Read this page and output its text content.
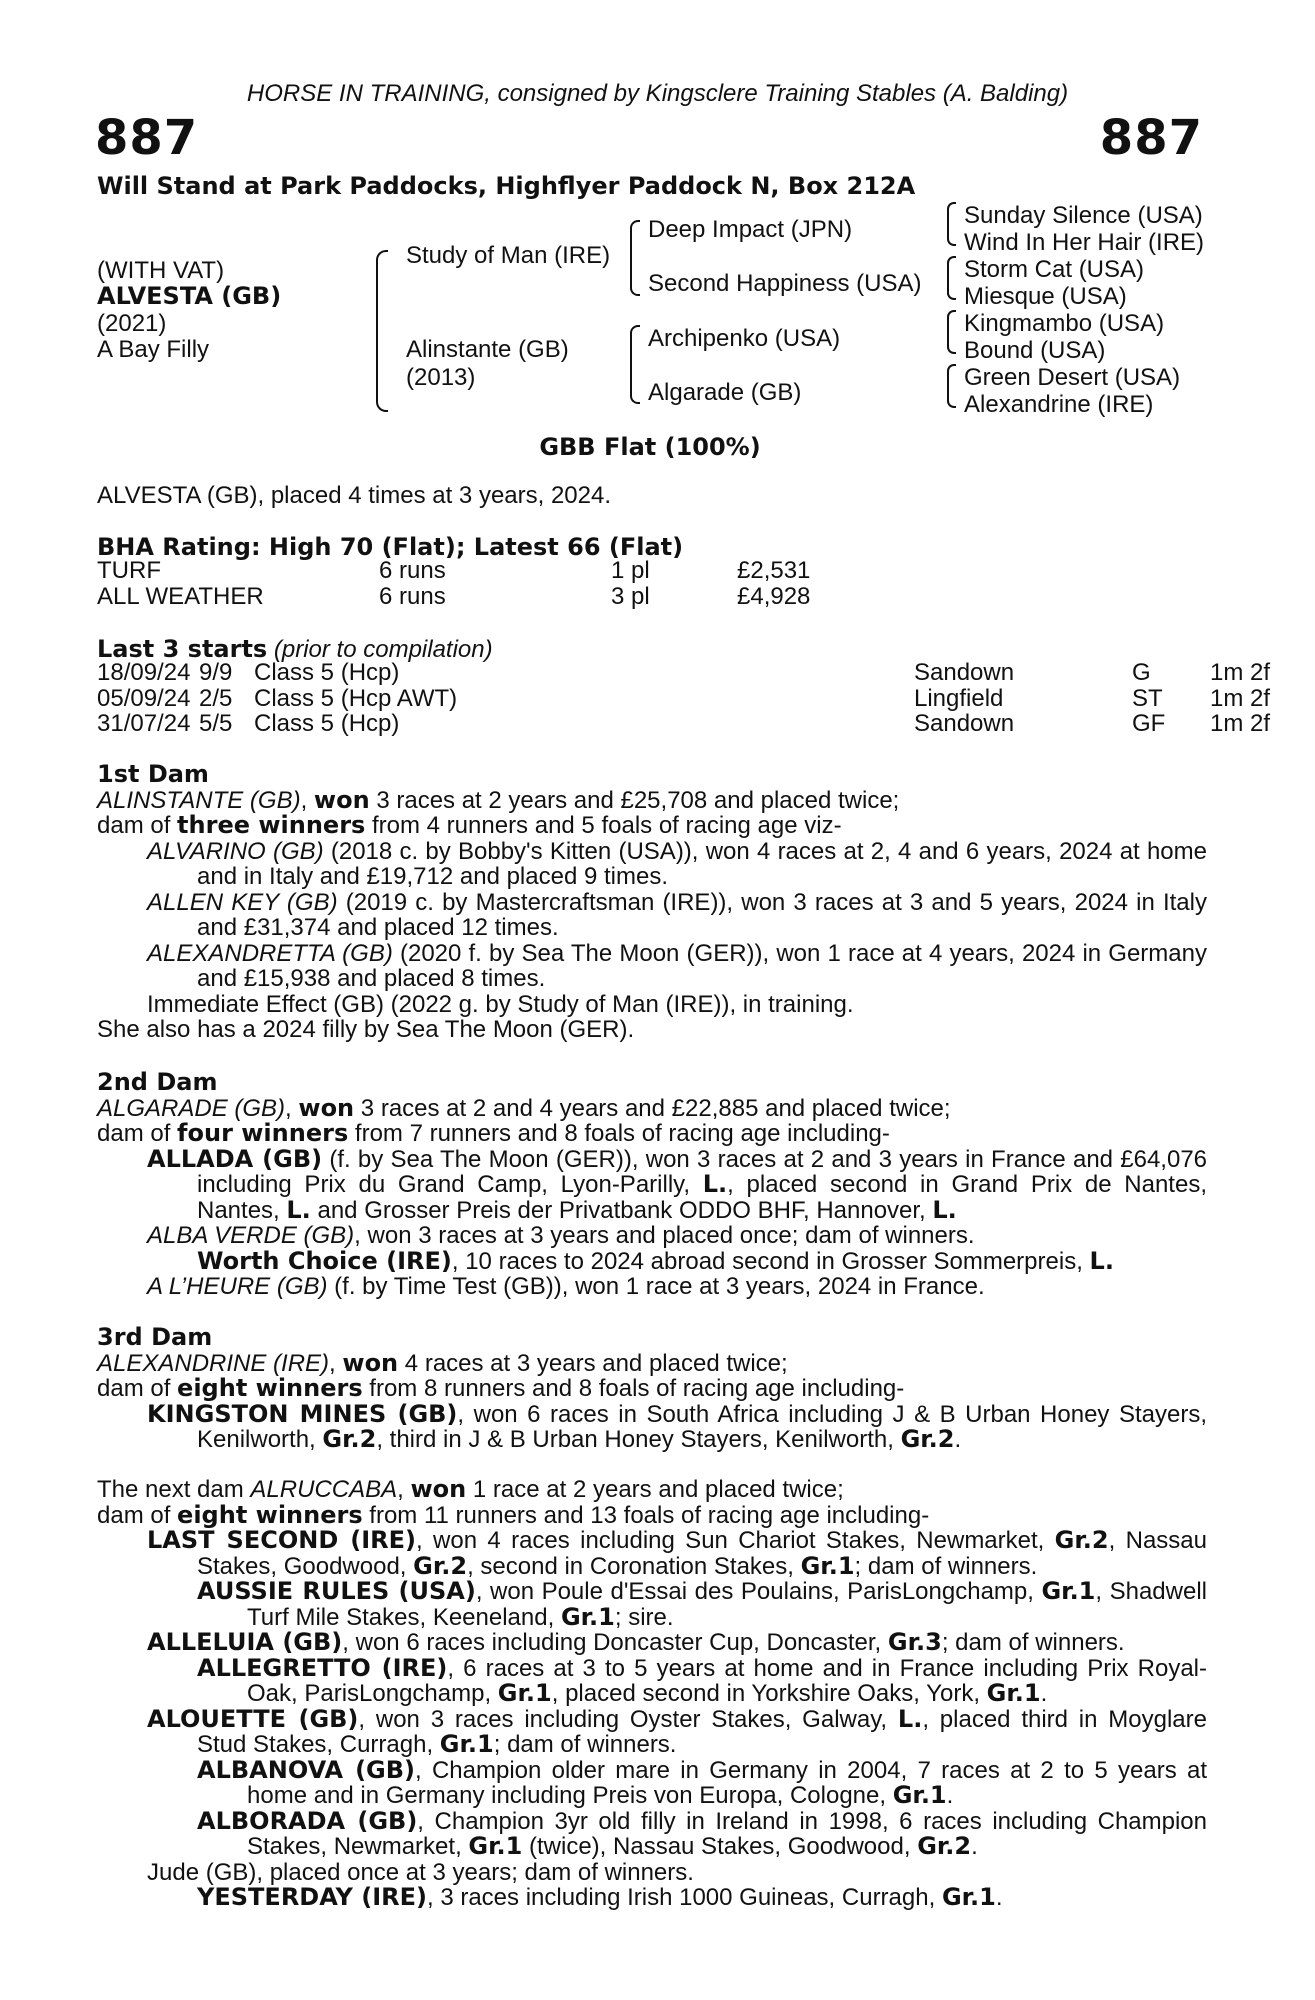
HORSE IN TRAINING, consigned by Kingsclere Training Stables (A. Balding)
887	887
Will Stand at Park Paddocks, Highflyer Paddock N, Box 212A
(WITH VAT)
ALVESTA (GB)
(2021)
A Bay Filly
Study of Man (IRE)
Alinstante (GB)
(2013)
Deep Impact (JPN)
Second Happiness (USA)
Archipenko (USA)
Algarade (GB)
Sunday Silence (USA)
Wind In Her Hair (IRE)
Storm Cat (USA)
Miesque (USA)
Kingmambo (USA)
Bound (USA)
Green Desert (USA)
Alexandrine (IRE)
GBB Flat (100%)
ALVESTA (GB), placed 4 times at 3 years, 2024.
BHA Rating: High 70 (Flat); Latest 66 (Flat)
TURF	6 runs	1 pl	£2,531
ALL WEATHER	6 runs	3 pl	£4,928
Last 3 starts (prior to compilation)
18/09/24	9/9	Class 5 (Hcp)	Sandown	G	1m 2f
05/09/24	2/5	Class 5 (Hcp AWT)	Lingfield	ST	1m 2f
31/07/24	5/5	Class 5 (Hcp)	Sandown	GF	1m 2f

1st Dam

ALINSTANTE (GB), won 3 races at 2 years and £25,708 and placed twice;

dam of three winners from 4 runners and 5 foals of racing age viz-

ALVARINO (GB) (2018 c. by Bobby's Kitten (USA)), won 4 races at 2, 4 and 6 years, 2024 at home and in Italy and £19,712 and placed 9 times.

ALLEN KEY (GB) (2019 c. by Mastercraftsman (IRE)), won 3 races at 3 and 5 years, 2024 in Italy and £31,374 and placed 12 times.

ALEXANDRETTA (GB) (2020 f. by Sea The Moon (GER)), won 1 race at 4 years, 2024 in Germany and £15,938 and placed 8 times.

Immediate Effect (GB) (2022 g. by Study of Man (IRE)), in training.

She also has a 2024 filly by Sea The Moon (GER).

2nd Dam

ALGARADE (GB), won 3 races at 2 and 4 years and £22,885 and placed twice;

dam of four winners from 7 runners and 8 foals of racing age including-

ALLADA (GB) (f. by Sea The Moon (GER)), won 3 races at 2 and 3 years in France and £64,076 including Prix du Grand Camp, Lyon-Parilly, L., placed second in Grand Prix de Nantes, Nantes, L. and Grosser Preis der Privatbank ODDO BHF, Hannover, L.

ALBA VERDE (GB), won 3 races at 3 years and placed once; dam of winners.

Worth Choice (IRE), 10 races to 2024 abroad second in Grosser Sommerpreis, L.

A L’HEURE (GB) (f. by Time Test (GB)), won 1 race at 3 years, 2024 in France.

3rd Dam

ALEXANDRINE (IRE), won 4 races at 3 years and placed twice;

dam of eight winners from 8 runners and 8 foals of racing age including-

KINGSTON MINES (GB), won 6 races in South Africa including J & B Urban Honey Stayers, Kenilworth, Gr.2, third in J & B Urban Honey Stayers, Kenilworth, Gr.2.

The next dam ALRUCCABA, won 1 race at 2 years and placed twice;

dam of eight winners from 11 runners and 13 foals of racing age including-

LAST SECOND (IRE), won 4 races including Sun Chariot Stakes, Newmarket, Gr.2, Nassau Stakes, Goodwood, Gr.2, second in Coronation Stakes, Gr.1; dam of winners.

AUSSIE RULES (USA), won Poule d'Essai des Poulains, ParisLongchamp, Gr.1, Shadwell Turf Mile Stakes, Keeneland, Gr.1; sire.

ALLELUIA (GB), won 6 races including Doncaster Cup, Doncaster, Gr.3; dam of winners.

ALLEGRETTO (IRE), 6 races at 3 to 5 years at home and in France including Prix Royal-Oak, ParisLongchamp, Gr.1, placed second in Yorkshire Oaks, York, Gr.1.

ALOUETTE (GB), won 3 races including Oyster Stakes, Galway, L., placed third in Moyglare Stud Stakes, Curragh, Gr.1; dam of winners.

ALBANOVA (GB), Champion older mare in Germany in 2004, 7 races at 2 to 5 years at home and in Germany including Preis von Europa, Cologne, Gr.1.

ALBORADA (GB), Champion 3yr old filly in Ireland in 1998, 6 races including Champion Stakes, Newmarket, Gr.1 (twice), Nassau Stakes, Goodwood, Gr.2.

Jude (GB), placed once at 3 years; dam of winners.

YESTERDAY (IRE), 3 races including Irish 1000 Guineas, Curragh, Gr.1.
